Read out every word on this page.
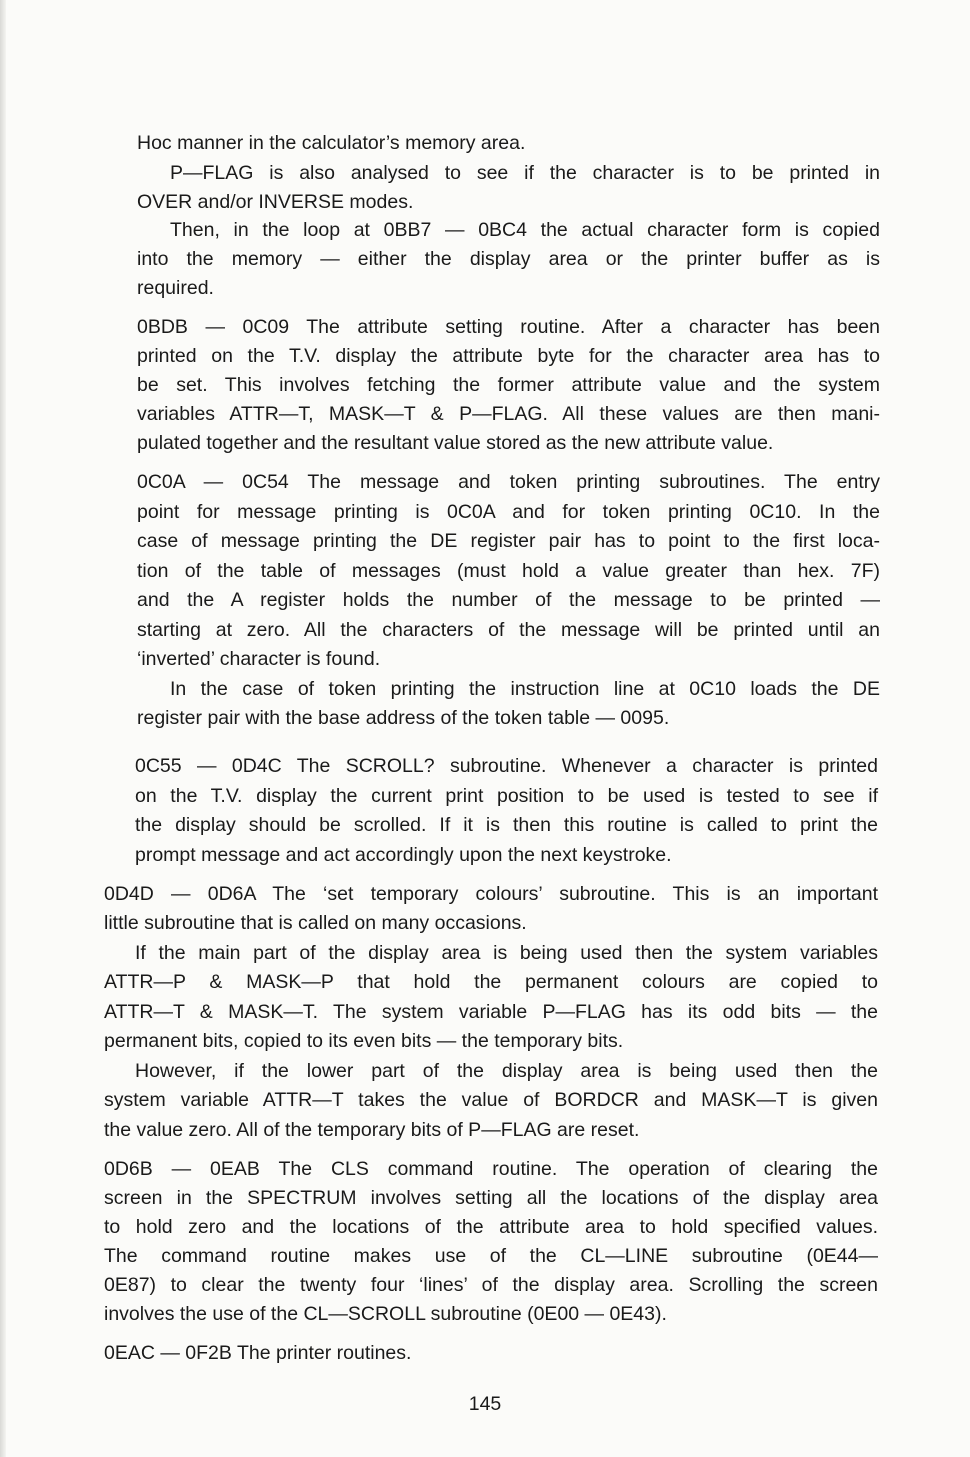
Hoc manner in the calculator’s memory area.
P—FLAG is also analysed to see if the character is to be printed in
OVER and/or INVERSE modes.
Then, in the loop at 0BB7 — 0BC4 the actual character form is copied
into the memory — either the display area or the printer buffer as is
required.
0BDB — 0C09 The attribute setting routine. After a character has been
printed on the T.V. display the attribute byte for the character area has to
be set. This involves fetching the former attribute value and the system
variables ATTR—T, MASK—T & P—FLAG. All these values are then mani-
pulated together and the resultant value stored as the new attribute value.
0C0A — 0C54 The message and token printing subroutines. The entry
point for message printing is 0C0A and for token printing 0C10. In the
case of message printing the DE register pair has to point to the first loca-
tion of the table of messages (must hold a value greater than hex. 7F)
and the A register holds the number of the message to be printed —
starting at zero. All the characters of the message will be printed until an
‘inverted’ character is found.
In the case of token printing the instruction line at 0C10 loads the DE
register pair with the base address of the token table — 0095.
0C55 — 0D4C The SCROLL? subroutine. Whenever a character is printed
on the T.V. display the current print position to be used is tested to see if
the display should be scrolled. If it is then this routine is called to print the
prompt message and act accordingly upon the next keystroke.
0D4D — 0D6A The ‘set temporary colours’ subroutine. This is an important
little subroutine that is called on many occasions.
If the main part of the display area is being used then the system variables
ATTR—P & MASK—P that hold the permanent colours are copied to
ATTR—T & MASK—T. The system variable P—FLAG has its odd bits — the
permanent bits, copied to its even bits — the temporary bits.
However, if the lower part of the display area is being used then the
system variable ATTR—T takes the value of BORDCR and MASK—T is given
the value zero. All of the temporary bits of P—FLAG are reset.
0D6B — 0EAB The CLS command routine. The operation of clearing the
screen in the SPECTRUM involves setting all the locations of the display area
to hold zero and the locations of the attribute area to hold specified values.
The command routine makes use of the CL—LINE subroutine (0E44—
0E87) to clear the twenty four ‘lines’ of the display area. Scrolling the screen
involves the use of the CL—SCROLL subroutine (0E00 — 0E43).
0EAC — 0F2B The printer routines.
145
